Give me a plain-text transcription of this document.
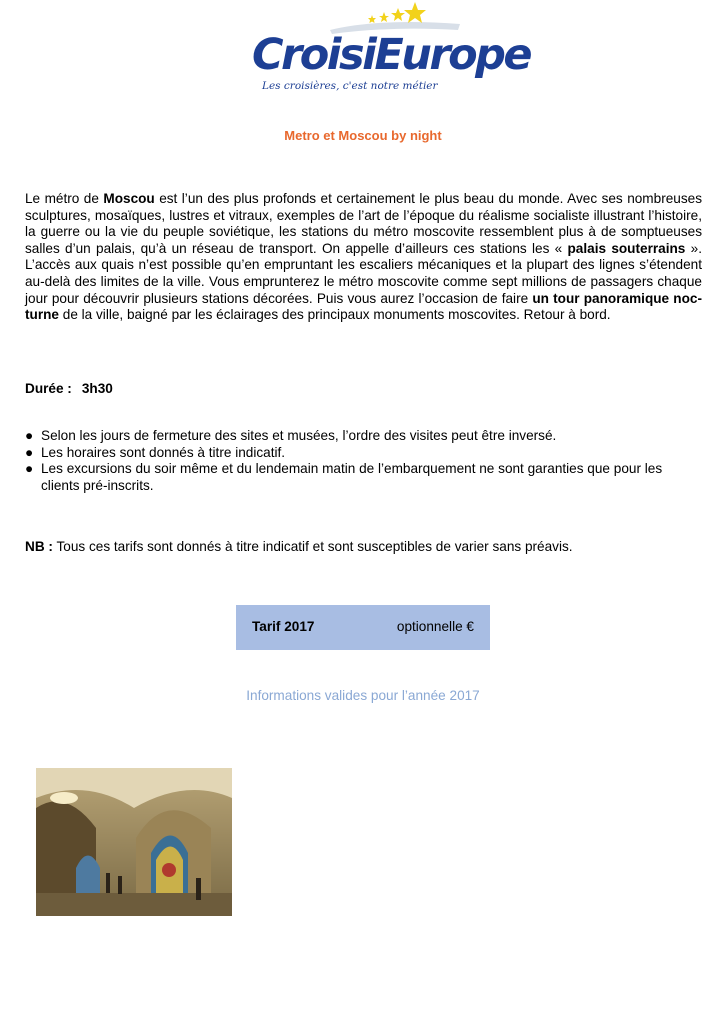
CroisiEurope
Les croisières, c'est notre métier
Metro et Moscou by night
Le métro de Moscou est l’un des plus profonds et certainement le plus beau du monde. Avec ses nombreuses sculptures, mosaïques, lustres et vitraux, exemples de l’art de l’époque du réalisme socialiste illustrant l’histoire, la guerre ou la vie du peuple soviétique, les stations du métro moscovite ressemblent plus à de somptueuses salles d’un palais, qu’à un réseau de transport. On appelle d’ailleurs ces stations les « palais souterrains ». L’accès aux quais n’est possible qu’en empruntant les escaliers mécaniques et la plupart des lignes s’étendent au-delà des limites de la ville. Vous emprunterez le métro moscovite comme sept millions de passagers chaque jour pour découvrir plusieurs stations décorées. Puis vous aurez l’occasion de faire un tour panoramique noc-turne de la ville, baigné par les éclairages des principaux monuments moscovites. Retour à bord.
Durée : 3h30
● Selon les jours de fermeture des sites et musées, l’ordre des visites peut être inversé.
● Les horaires sont donnés à titre indicatif.
● Les excursions du soir même et du lendemain matin de l’embarquement ne sont garanties que pour les clients pré-inscrits.
NB : Tous ces tarifs sont donnés à titre indicatif et sont susceptibles de varier sans préavis.
Tarif 2017	optionnelle €
Informations valides pour l’année 2017
